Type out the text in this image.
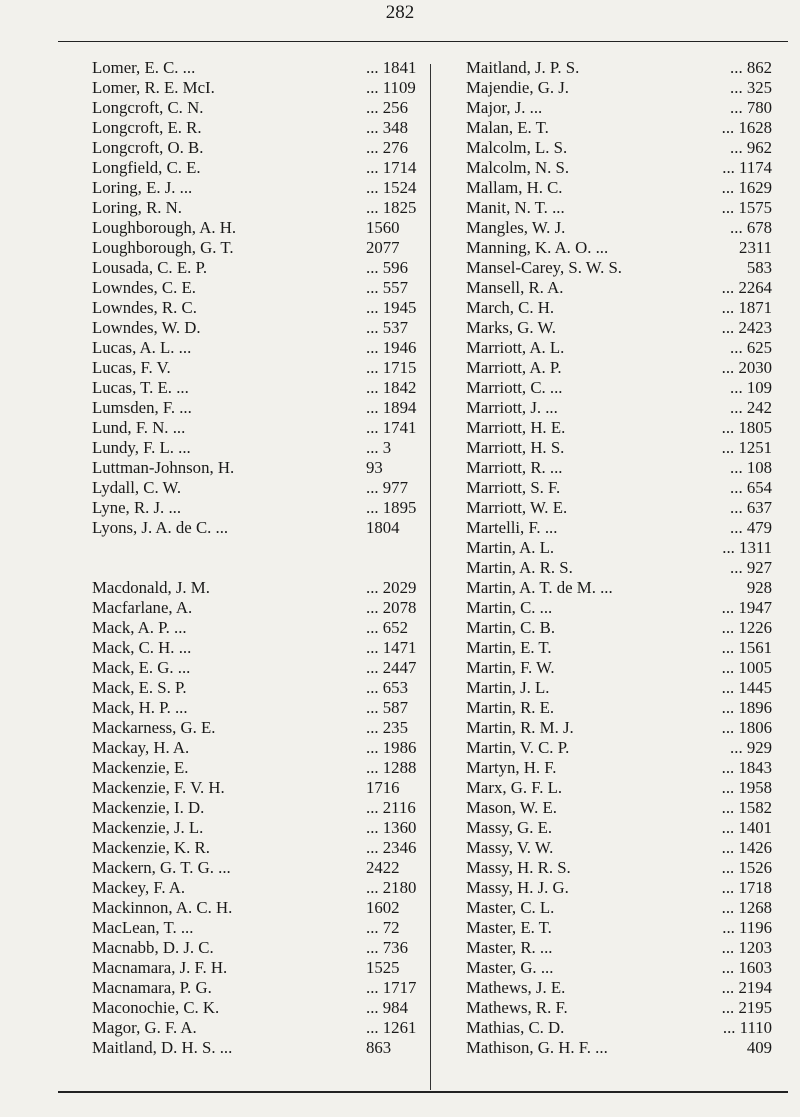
282
Lomer, E. C. ...	... 1841
Lomer, R. E. McI.	... 1109
Longcroft, C. N.	... 256
Longcroft, E. R.	... 348
Longcroft, O. B.	... 276
Longfield, C. E.	... 1714
Loring, E. J. ...	... 1524
Loring, R. N.	... 1825
Loughborough, A. H.	1560
Loughborough, G. T.	2077
Lousada, C. E. P.	... 596
Lowndes, C. E.	... 557
Lowndes, R. C.	... 1945
Lowndes, W. D.	... 537
Lucas, A. L. ...	... 1946
Lucas, F. V.	... 1715
Lucas, T. E. ...	... 1842
Lumsden, F. ...	... 1894
Lund, F. N. ...	... 1741
Lundy, F. L. ...	... 3
Luttman-Johnson, H.	93
Lydall, C. W.	... 977
Lyne, R. J. ...	... 1895
Lyons, J. A. de C. ...	1804
Macdonald, J. M.	... 2029
Macfarlane, A.	... 2078
Mack, A. P. ...	... 652
Mack, C. H. ...	... 1471
Mack, E. G. ...	... 2447
Mack, E. S. P.	... 653
Mack, H. P. ...	... 587
Mackarness, G. E.	... 235
Mackay, H. A.	... 1986
Mackenzie, E.	... 1288
Mackenzie, F. V. H.	1716
Mackenzie, I. D.	... 2116
Mackenzie, J. L.	... 1360
Mackenzie, K. R.	... 2346
Mackern, G. T. G. ...	2422
Mackey, F. A.	... 2180
Mackinnon, A. C. H.	1602
MacLean, T. ...	... 72
Macnabb, D. J. C.	... 736
Macnamara, J. F. H.	1525
Macnamara, P. G.	... 1717
Maconochie, C. K.	... 984
Magor, G. F. A.	... 1261
Maitland, D. H. S. ...	863
Maitland, J. P. S.	... 862
Majendie, G. J.	... 325
Major, J. ...	... 780
Malan, E. T.	... 1628
Malcolm, L. S.	... 962
Malcolm, N. S.	... 1174
Mallam, H. C.	... 1629
Manit, N. T. ...	... 1575
Mangles, W. J.	... 678
Manning, K. A. O. ...	2311
Mansel-Carey, S. W. S.	583
Mansell, R. A.	... 2264
March, C. H.	... 1871
Marks, G. W.	... 2423
Marriott, A. L.	... 625
Marriott, A. P.	... 2030
Marriott, C. ...	... 109
Marriott, J. ...	... 242
Marriott, H. E.	... 1805
Marriott, H. S.	... 1251
Marriott, R. ...	... 108
Marriott, S. F.	... 654
Marriott, W. E.	... 637
Martelli, F. ...	... 479
Martin, A. L.	... 1311
Martin, A. R. S.	... 927
Martin, A. T. de M. ...	928
Martin, C. ...	... 1947
Martin, C. B.	... 1226
Martin, E. T.	... 1561
Martin, F. W.	... 1005
Martin, J. L.	... 1445
Martin, R. E.	... 1896
Martin, R. M. J.	... 1806
Martin, V. C. P.	... 929
Martyn, H. F.	... 1843
Marx, G. F. L.	... 1958
Mason, W. E.	... 1582
Massy, G. E.	... 1401
Massy, V. W.	... 1426
Massy, H. R. S.	... 1526
Massy, H. J. G.	... 1718
Master, C. L.	... 1268
Master, E. T.	... 1196
Master, R. ...	... 1203
Master, G. ...	... 1603
Mathews, J. E.	... 2194
Mathews, R. F.	... 2195
Mathias, C. D.	... 1110
Mathison, G. H. F. ...	409
